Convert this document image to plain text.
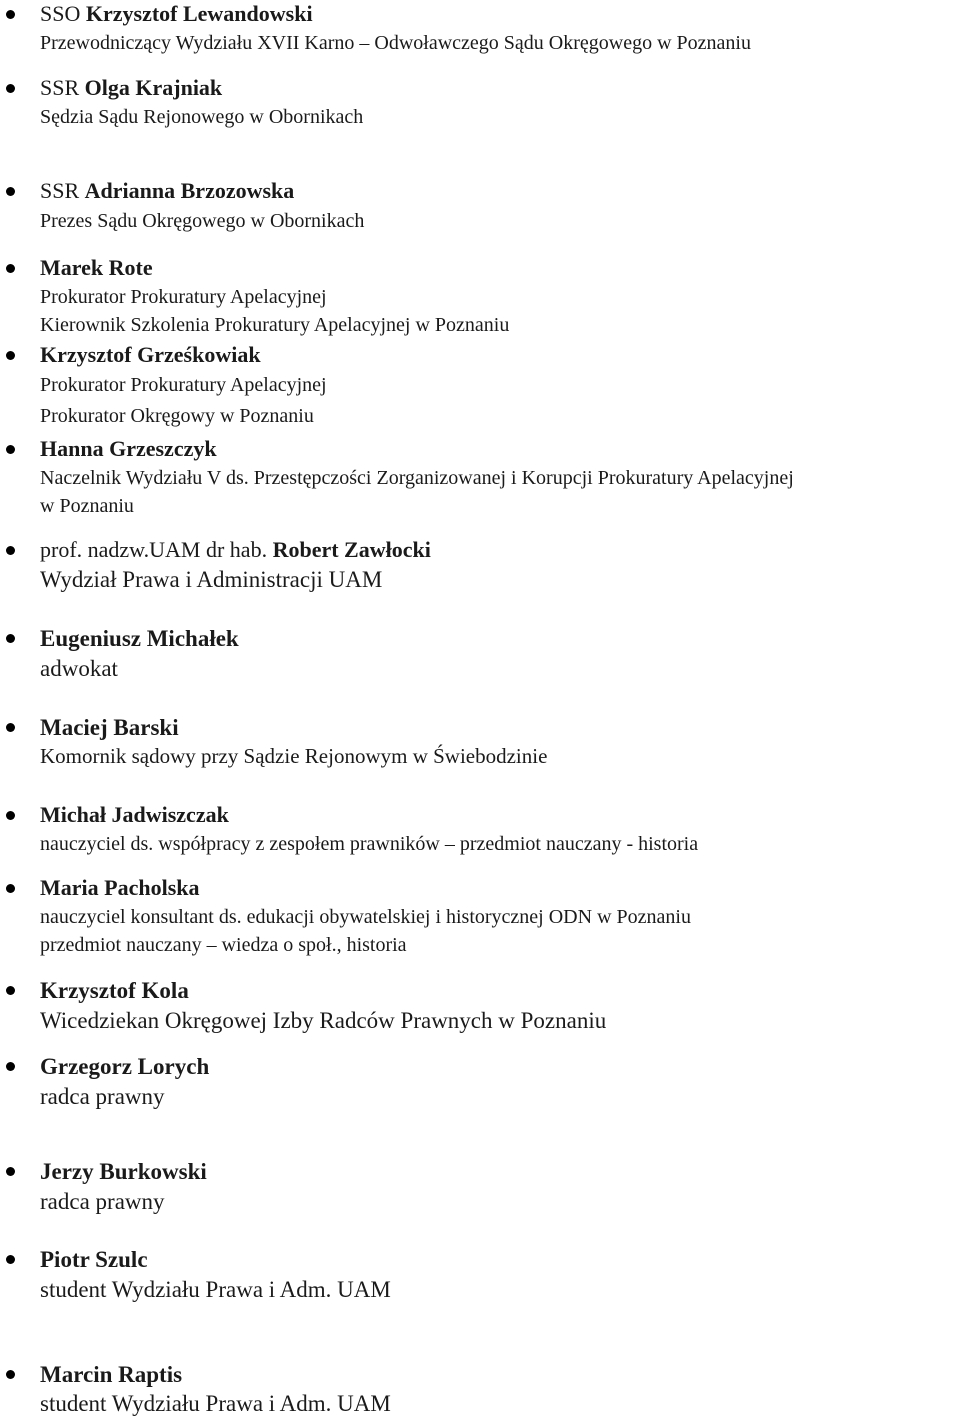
SSO Krzysztof Lewandowski
Przewodniczący Wydziału XVII Karno – Odwoławczego Sądu Okręgowego w Poznaniu
SSR Olga Krajniak
Sędzia Sądu Rejonowego w Obornikach
SSR Adrianna Brzozowska
Prezes Sądu Okręgowego w Obornikach
Marek Rote
Prokurator Prokuratury Apelacyjnej
Kierownik Szkolenia Prokuratury Apelacyjnej w Poznaniu
Krzysztof Grześkowiak
Prokurator Prokuratury Apelacyjnej
Prokurator Okręgowy w Poznaniu
Hanna Grzeszczyk
Naczelnik Wydziału V ds. Przestępczości Zorganizowanej i Korupcji Prokuratury Apelacyjnej
w Poznaniu
prof. nadzw.UAM dr hab. Robert Zawłocki
Wydział Prawa i Administracji UAM
Eugeniusz Michałek
adwokat
Maciej Barski
Komornik sądowy przy Sądzie Rejonowym w Świebodzinie
Michał Jadwiszczak
nauczyciel ds. współpracy z zespołem prawników – przedmiot nauczany - historia
Maria Pacholska
nauczyciel konsultant ds. edukacji obywatelskiej i historycznej ODN w Poznaniu
przedmiot nauczany – wiedza o społ., historia
Krzysztof Kola
Wicedziekan Okręgowej Izby Radców Prawnych w Poznaniu
Grzegorz Lorych
radca prawny
Jerzy Burkowski
radca prawny
Piotr Szulc
student Wydziału Prawa i Adm. UAM
Marcin Raptis
student Wydziału Prawa i Adm. UAM
